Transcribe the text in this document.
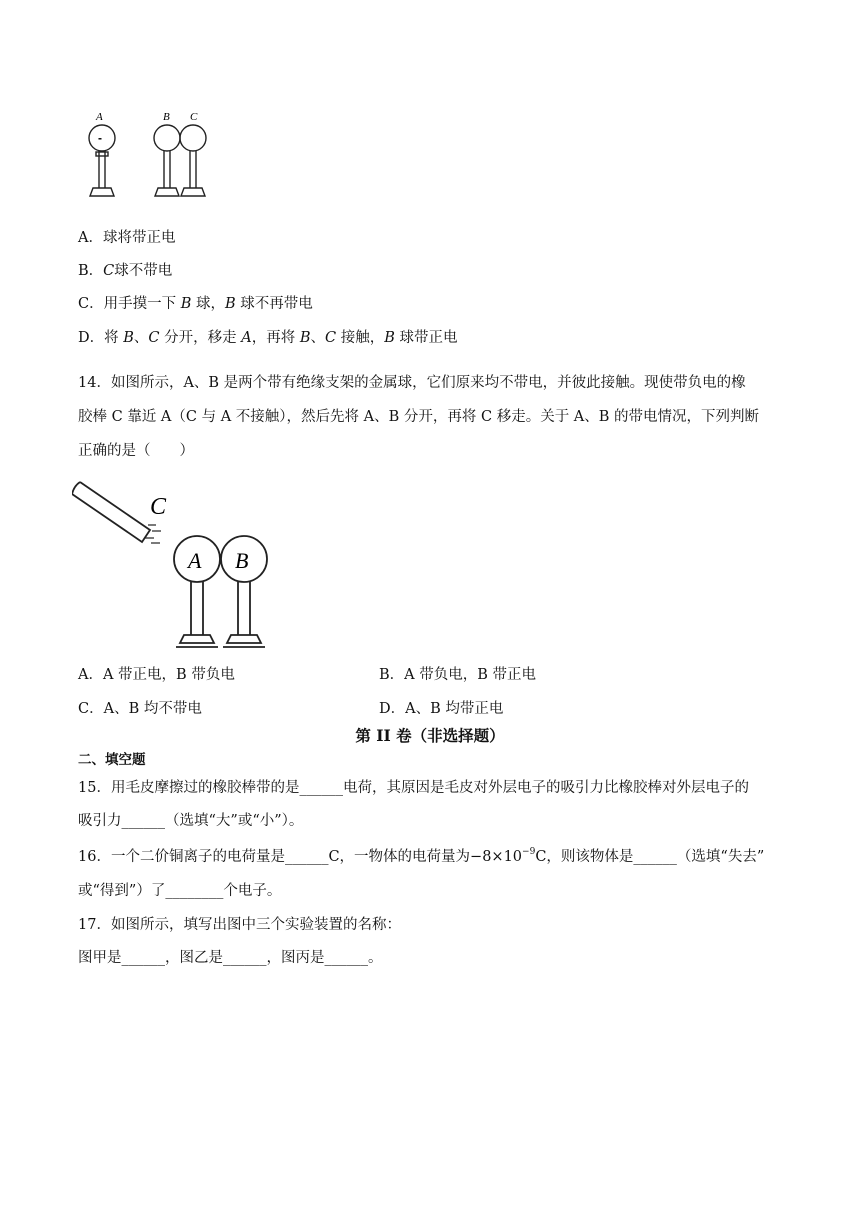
A	B C
-
A．球将带正电
B．C球不带电
C．用手摸一下 B 球，B 球不再带电
D．将 B、C 分开，移走 A，再将 B、C 接触，B 球带正电
14．如图所示，A、B 是两个带有绝缘支架的金属球，它们原来均不带电，并彼此接触。现使带负电的橡
胶棒 C 靠近 A（C 与 A 不接触），然后先将 A、B 分开，再将 C 移走。关于 A、B 的带电情况，下列判断
正确的是（　　）
C
A B
A．A 带正电，B 带负电	B．A 带负电，B 带正电
C．A、B 均不带电	D．A、B 均带正电
第 II 卷（非选择题）
二、填空题
15．用毛皮摩擦过的橡胶棒带的是______电荷，其原因是毛皮对外层电子的吸引力比橡胶棒对外层电子的
吸引力______（选填“大”或“小”）。
16．一个二价铜离子的电荷量是______C，一物体的电荷量为$-8\times 10^{-9}C$，则该物体是______（选填“失去”
或“得到”）了________个电子。
17．如图所示，填写出图中三个实验装置的名称：
图甲是______，图乙是______，图丙是______。
